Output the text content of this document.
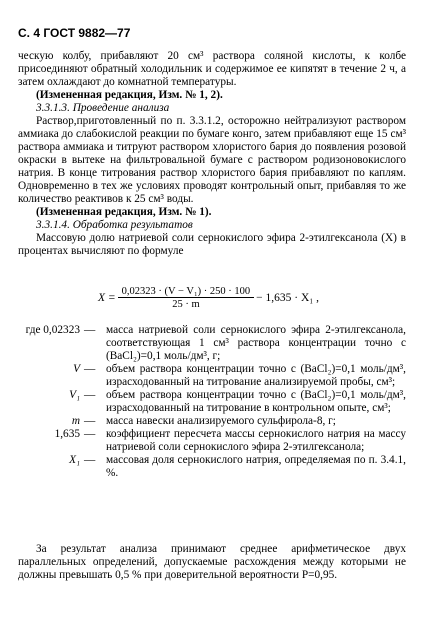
С. 4 ГОСТ 9882—77

ческую колбу, прибавляют 20 см³ раствора соляной кислоты, к колбе присоединяют обратный холодильник и содержимое ее кипятят в течение 2 ч, а затем охлаждают до комнатной температуры.

(Измененная редакция, Изм. № 1, 2).

3.3.1.3. Проведение анализа

Раствор,приготовленный по п. 3.3.1.2, осторожно нейтрализуют раствором аммиака до слабокислой реакции по бумаге конго, затем прибавляют еще 15 см³ раствора аммиака и титруют раствором хлористого бария до появления розовой окраски в вытеке на фильтровальной бумаге с раствором родизоновокислого натрия. В конце титрования раствор хлористого бария прибавляют по каплям. Одновременно в тех же условиях проводят контрольный опыт, прибавляя то же количество реактивов к 25 см³ воды.

(Измененная редакция, Изм. № 1).

3.3.1.4. Обработка результатов

Массовую долю натриевой соли сернокислого эфира 2-этилгексанола (X) в процентах вычисляют по формуле

$X = \frac{\text{0,02323 · (V − V₁) · 250 · 100}}{25 \cdot m} - 1,635 \cdot X_1$ ,
где 0,02323 — масса натриевой соли сернокислого эфира 2-этилгексанола, соответствующая 1 см³ раствора концентрации точно с (BaCl₂)=0,1 моль/дм³, г;
V — объем раствора концентрации точно с (BaCl₂)=0,1 моль/дм³, израсходованный на титрование анализируемой пробы, см³;
V₁ — объем раствора концентрации точно с (BaCl₂)=0,1 моль/дм³, израсходованный на титрование в контрольном опыте, см³;
m — масса навески анализируемого сульфирола-8, г;
1,635 — коэффициент пересчета массы сернокислого натрия на массу натриевой соли сернокислого эфира 2-этилгексанола;
X₁ — массовая доля сернокислого натрия, определяемая по п. 3.4.1, %.

За результат анализа принимают среднее арифметическое двух параллельных определений, допускаемые расхождения между которыми не должны превышать 0,5 % при доверительной вероятности P=0,95.
